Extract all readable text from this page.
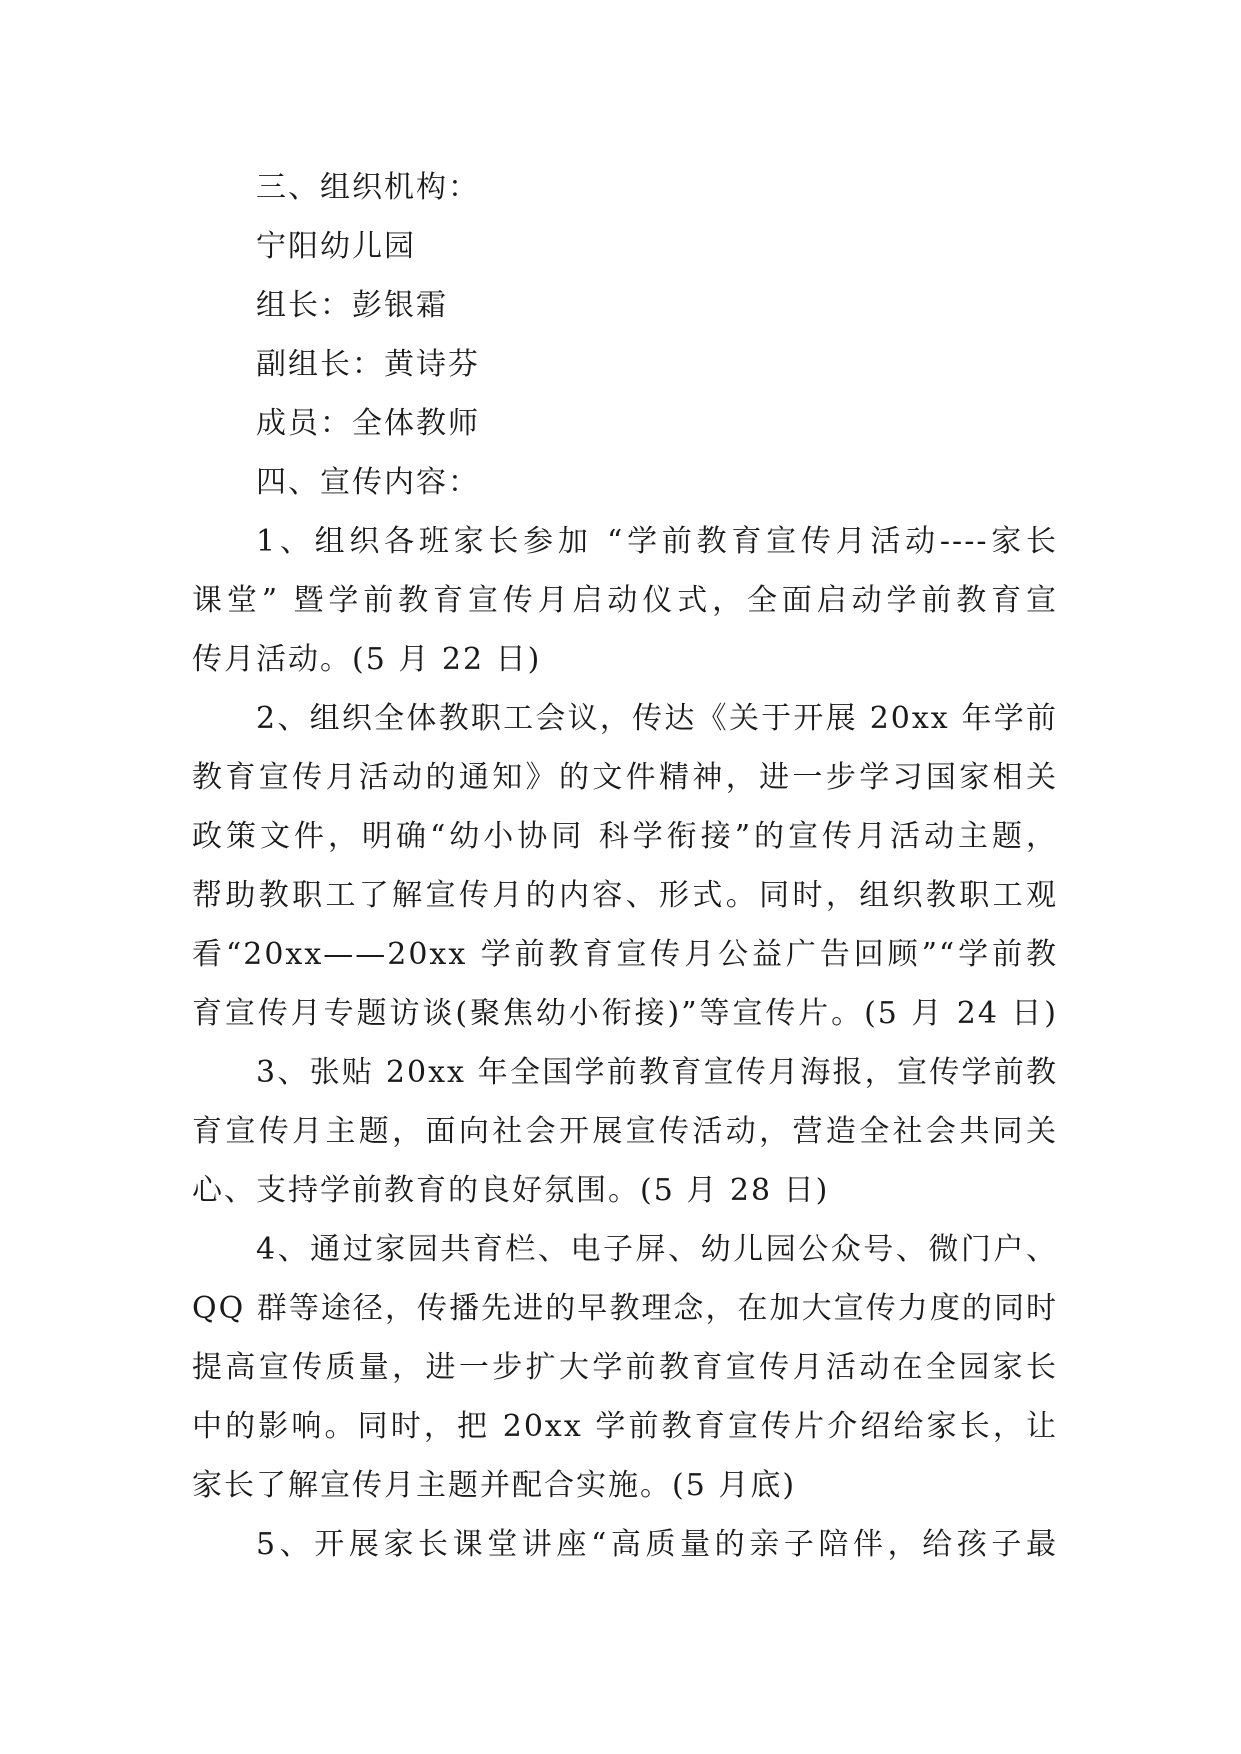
三、组织机构：
宁阳幼儿园
组长：彭银霜
副组长：黄诗芬
成员：全体教师
四、宣传内容：
1、组织各班家长参加 “学前教育宣传月活动----家长
课堂” 暨学前教育宣传月启动仪式，全面启动学前教育宣
传月活动。(5 月 22 日)
2、组织全体教职工会议，传达《关于开展 20xx 年学前
教育宣传月活动的通知》的文件精神，进一步学习国家相关
政策文件，明确“幼小协同 科学衔接”的宣传月活动主题，
帮助教职工了解宣传月的内容、形式。同时，组织教职工观
看“20xx——20xx 学前教育宣传月公益广告回顾”“学前教
育宣传月专题访谈(聚焦幼小衔接)”等宣传片。(5 月 24 日)
3、张贴 20xx 年全国学前教育宣传月海报，宣传学前教
育宣传月主题，面向社会开展宣传活动，营造全社会共同关
心、支持学前教育的良好氛围。(5 月 28 日)
4、通过家园共育栏、电子屏、幼儿园公众号、微门户、
QQ 群等途径，传播先进的早教理念，在加大宣传力度的同时
提高宣传质量，进一步扩大学前教育宣传月活动在全园家长
中的影响。同时，把 20xx 学前教育宣传片介绍给家长，让
家长了解宣传月主题并配合实施。(5 月底)
5、开展家长课堂讲座“高质量的亲子陪伴，给孩子最
